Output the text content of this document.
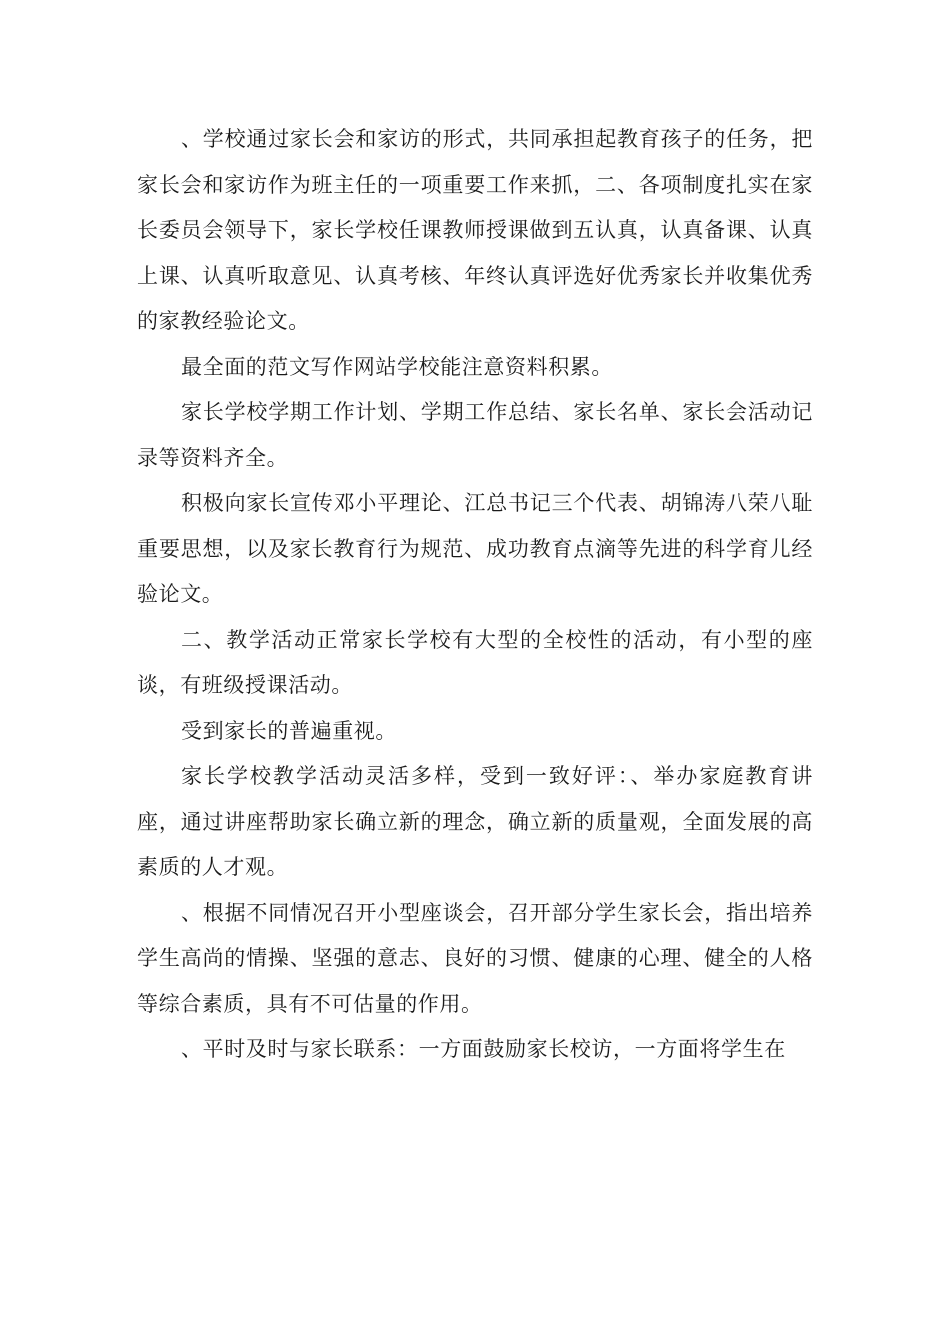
、学校通过家长会和家访的形式，共同承担起教育孩子的任务，把家长会和家访作为班主任的一项重要工作来抓，二、各项制度扎实在家长委员会领导下，家长学校任课教师授课做到五认真，认真备课、认真上课、认真听取意见、认真考核、年终认真评选好优秀家长并收集优秀的家教经验论文。

最全面的范文写作网站学校能注意资料积累。

家长学校学期工作计划、学期工作总结、家长名单、家长会活动记录等资料齐全。

积极向家长宣传邓小平理论、江总书记三个代表、胡锦涛八荣八耻重要思想，以及家长教育行为规范、成功教育点滴等先进的科学育儿经验论文。

二、教学活动正常家长学校有大型的全校性的活动，有小型的座谈，有班级授课活动。

受到家长的普遍重视。

家长学校教学活动灵活多样，受到一致好评：、举办家庭教育讲座，通过讲座帮助家长确立新的理念，确立新的质量观，全面发展的高素质的人才观。

、根据不同情况召开小型座谈会，召开部分学生家长会，指出培养学生高尚的情操、坚强的意志、良好的习惯、健康的心理、健全的人格等综合素质，具有不可估量的作用。

、平时及时与家长联系：一方面鼓励家长校访，一方面将学生在
